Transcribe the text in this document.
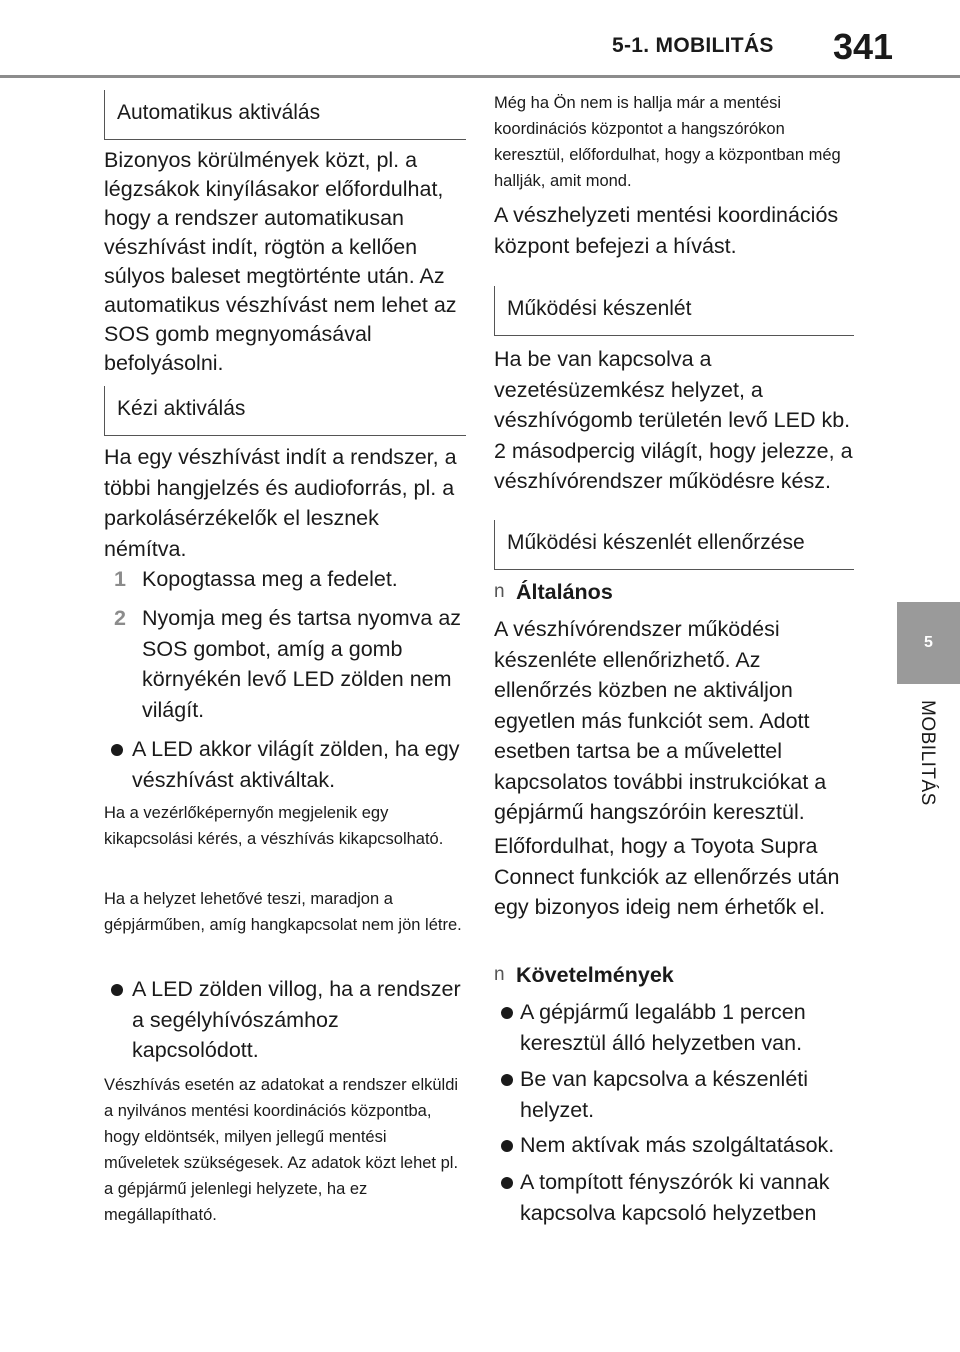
5-1. MOBILITÁS 341
5
MOBILITÁS
Automatikus aktiválás

Bizonyos körülmények közt, pl. a légzsákok kinyílásakor előfordulhat, hogy a rendszer automatikusan vészhívást indít, rögtön a kellően súlyos baleset megtörténte után. Az automatikus vészhívást nem lehet az SOS gomb megnyomásával befolyásolni.

Kézi aktiválás

Ha egy vészhívást indít a rendszer, a többi hangjelzés és audioforrás, pl. a parkolásérzékelők el lesznek némítva.

1 Kopogtassa meg a fedelet.
2 Nyomja meg és tartsa nyomva az SOS gombot, amíg a gomb környékén levő LED zölden nem világít.
A LED akkor világít zölden, ha egy vészhívást aktiváltak.

Ha a vezérlőképernyőn megjelenik egy kikapcsolási kérés, a vészhívás kikapcsolható.

Ha a helyzet lehetővé teszi, maradjon a gépjárműben, amíg hangkapcsolat nem jön létre.

A LED zölden villog, ha a rendszer a segélyhívószámhoz kapcsolódott.

Vészhívás esetén az adatokat a rendszer elküldi a nyilvános mentési koordinációs központba, hogy eldöntsék, milyen jellegű mentési műveletek szükségesek. Az adatok közt lehet pl. a gépjármű jelenlegi helyzete, ha ez megállapítható.

Még ha Ön nem is hallja már a mentési koordinációs központot a hangszórókon keresztül, előfordulhat, hogy a központban még hallják, amit mond.

A vészhelyzeti mentési koordinációs központ befejezi a hívást.

Működési készenlét

Ha be van kapcsolva a vezetésüzemkész helyzet, a vészhívógomb területén levő LED kb. 2 másodpercig világít, hogy jelezze, a vészhívórendszer működésre kész.

Működési készenlét ellenőrzése
n Általános

A vészhívórendszer működési készenléte ellenőrizhető. Az ellenőrzés közben ne aktiváljon egyetlen más funkciót sem. Adott esetben tartsa be a művelettel kapcsolatos további instrukciókat a gépjármű hangszóróin keresztül.

Előfordulhat, hogy a Toyota Supra Connect funkciók az ellenőrzés után egy bizonyos ideig nem érhetők el.

n Követelmények
A gépjármű legalább 1 percen keresztül álló helyzetben van.
Be van kapcsolva a készenléti helyzet.
Nem aktívak más szolgáltatások.
A tompított fényszórók ki vannak kapcsolva kapcsoló helyzetben
